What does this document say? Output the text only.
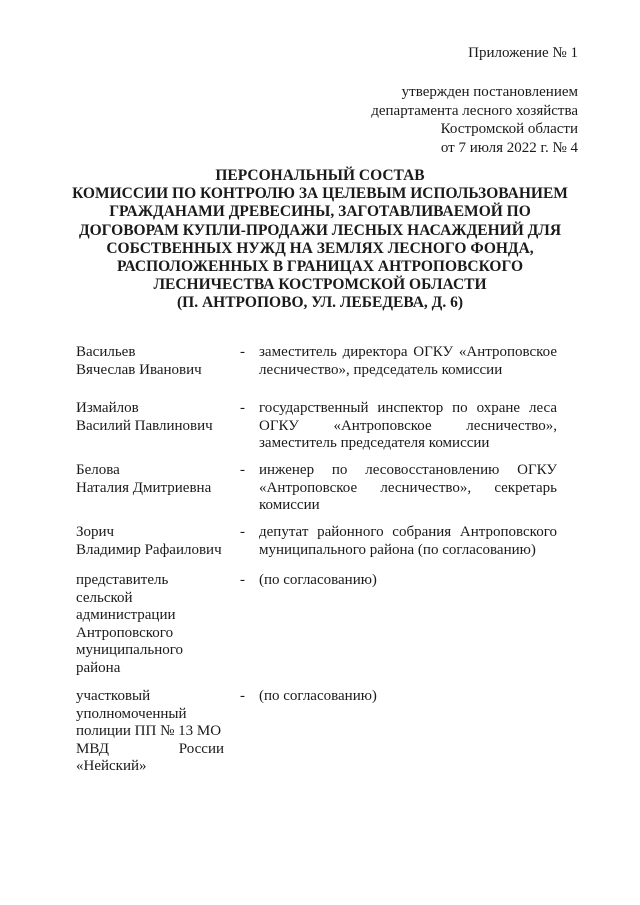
Приложение № 1
утвержден постановлением
департамента лесного хозяйства
Костромской области
от 7 июля 2022 г. № 4
ПЕРСОНАЛЬНЫЙ СОСТАВ
КОМИССИИ ПО КОНТРОЛЮ ЗА ЦЕЛЕВЫМ ИСПОЛЬЗОВАНИЕМ
ГРАЖДАНАМИ ДРЕВЕСИНЫ, ЗАГОТАВЛИВАЕМОЙ ПО
ДОГОВОРАМ КУПЛИ-ПРОДАЖИ ЛЕСНЫХ НАСАЖДЕНИЙ ДЛЯ
СОБСТВЕННЫХ НУЖД НА ЗЕМЛЯХ ЛЕСНОГО ФОНДА,
РАСПОЛОЖЕННЫХ В ГРАНИЦАХ АНТРОПОВСКОГО
ЛЕСНИЧЕСТВА КОСТРОМСКОЙ ОБЛАСТИ
(П. АНТРОПОВО, УЛ. ЛЕБЕДЕВА, Д. 6)
Васильев
Вячеслав Иванович
- заместитель директора ОГКУ «Антроповское
лесничество», председатель комиссии
Измайлов
Василий Павлинович
- государственный инспектор по охране леса
ОГКУ «Антроповское лесничество»,
заместитель председателя комиссии
Белова
Наталия Дмитриевна
- инженер по лесовосстановлению ОГКУ
«Антроповское лесничество», секретарь
комиссии
Зорич
Владимир Рафаилович
- депутат районного собрания Антроповского
муниципального района (по согласованию)
представитель
сельской
администрации
Антроповского
муниципального
района
- (по согласованию)
участковый
уполномоченный
полиции ПП № 13 МО
МВД России
«Нейский»
- (по согласованию)
